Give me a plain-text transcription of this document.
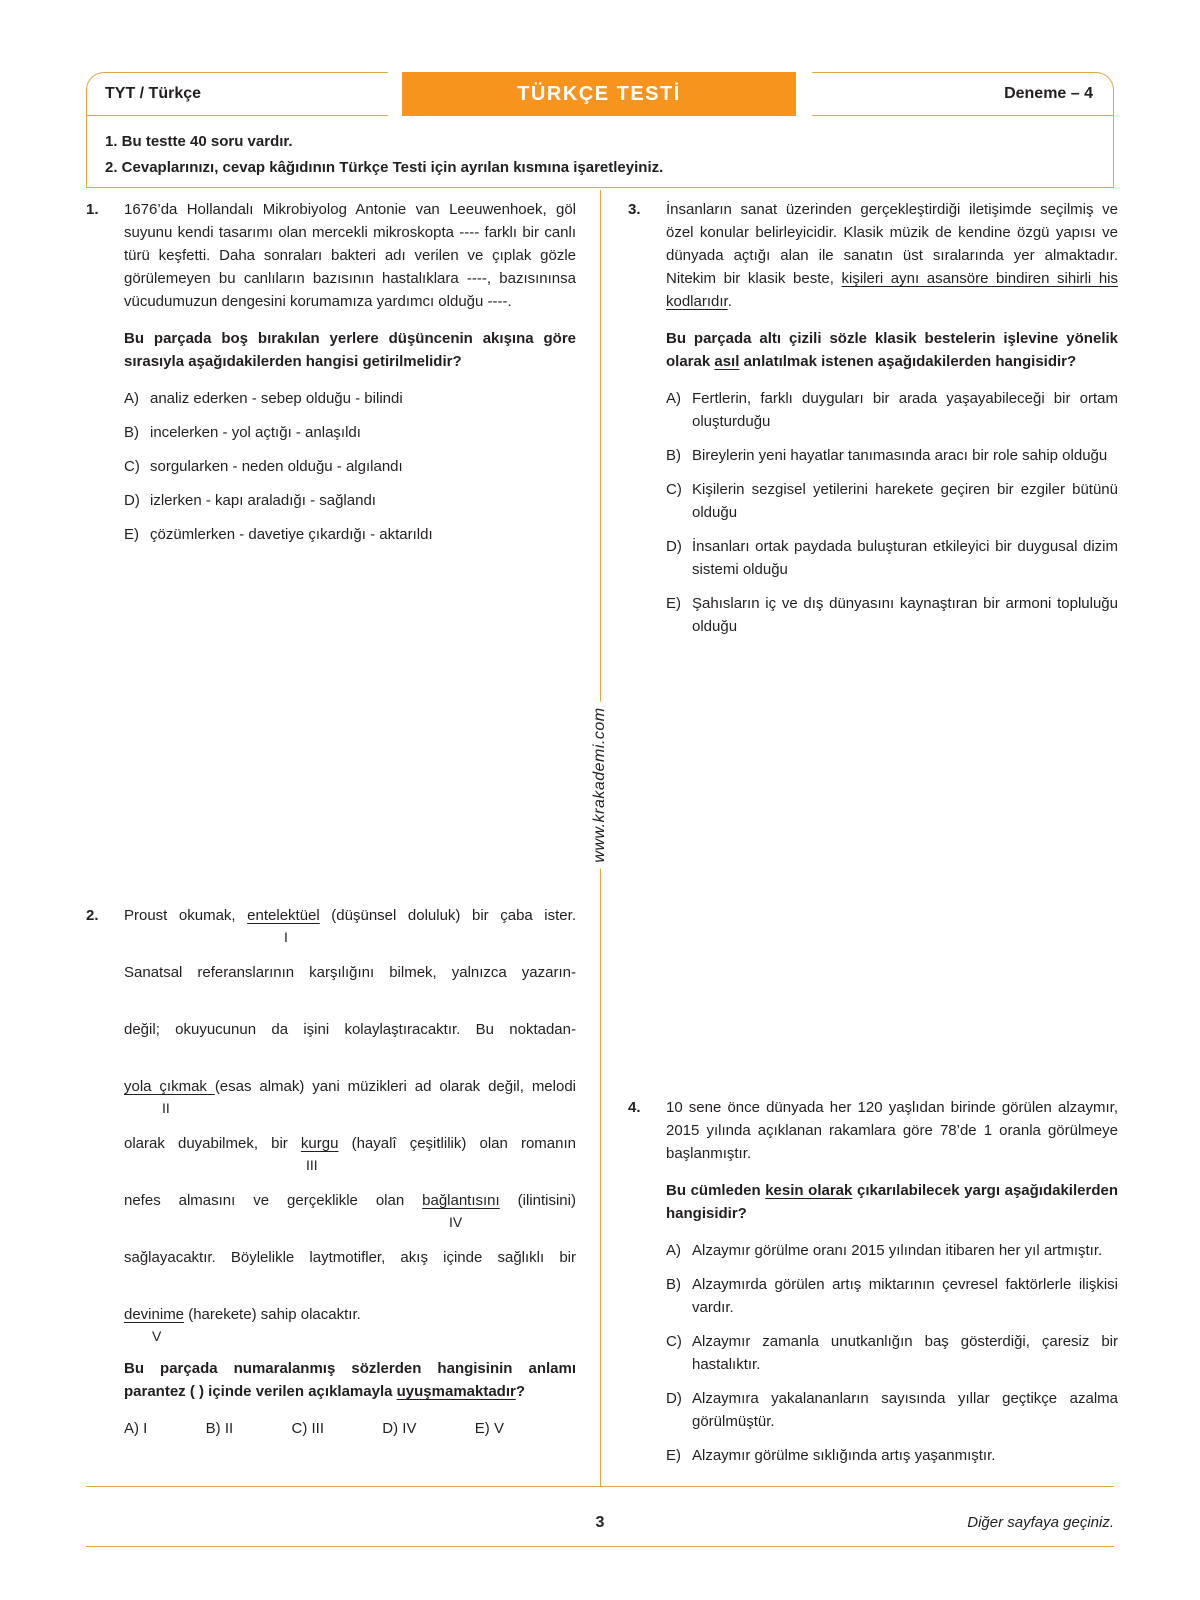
TYT / Türkçe	TÜRKÇE TESTİ	Deneme – 4
1. Bu testte 40 soru vardır.
2. Cevaplarınızı, cevap kâğıdının Türkçe Testi için ayrılan kısmına işaretleyiniz.
www.krakademi.com
1. 1676’da Hollandalı Mikrobiyolog Antonie van Leeuwenhoek, göl suyunu kendi tasarımı olan mercekli mikroskopta ---- farklı bir canlı türü keşfetti. Daha sonraları bakteri adı verilen ve çıplak gözle görülemeyen bu canlıların bazısının hastalıklara ----, bazısınınsa vücudumuzun dengesini korumamıza yardımcı olduğu ----.

Bu parçada boş bırakılan yerlere düşüncenin akışına göre sırasıyla aşağıdakilerden hangisi getirilmelidir?

A) analiz ederken - sebep olduğu - bilindi
B) incelerken - yol açtığı - anlaşıldı
C) sorgularken - neden olduğu - algılandı
D) izlerken - kapı araladığı - sağlandı
E) çözümlerken - davetiye çıkardığı - aktarıldı
2. Proust okumak, entelektüel (düşünsel doluluk) bir çaba ister.
I
Sanatsal referanslarının karşılığını bilmek, yalnızca yazarın-
değil; okuyucunun da işini kolaylaştıracaktır. Bu noktadan-
yola çıkmak (esas almak) yani müzikleri ad olarak değil, melodi
II
olarak duyabilmek, bir kurgu (hayalî çeşitlilik) olan romanın
III
nefes almasını ve gerçeklikle olan bağlantısını (ilintisini)
IV
sağlayacaktır. Böylelikle laytmotifler, akış içinde sağlıklı bir
devinime (harekete) sahip olacaktır.
V

Bu parçada numaralanmış sözlerden hangisinin anlamı parantez ( ) içinde verilen açıklamayla uyuşmamaktadır?

A) I	B) II	C) III	D) IV	E) V
3. İnsanların sanat üzerinden gerçekleştirdiği iletişimde seçilmiş ve özel konular belirleyicidir. Klasik müzik de kendine özgü yapısı ve dünyada açtığı alan ile sanatın üst sıralarında yer almaktadır. Nitekim bir klasik beste, kişileri aynı asansöre bindiren sihirli his kodlarıdır.

Bu parçada altı çizili sözle klasik bestelerin işlevine yönelik olarak asıl anlatılmak istenen aşağıdakilerden hangisidir?

A) Fertlerin, farklı duyguları bir arada yaşayabileceği bir ortam oluşturduğu
B) Bireylerin yeni hayatlar tanımasında aracı bir role sahip olduğu
C) Kişilerin sezgisel yetilerini harekete geçiren bir ezgiler bütünü olduğu
D) İnsanları ortak paydada buluşturan etkileyici bir duygusal dizim sistemi olduğu
E) Şahısların iç ve dış dünyasını kaynaştıran bir armoni topluluğu olduğu
4. 10 sene önce dünyada her 120 yaşlıdan birinde görülen alzaymır, 2015 yılında açıklanan rakamlara göre 78’de 1 oranla görülmeye başlanmıştır.

Bu cümleden kesin olarak çıkarılabilecek yargı aşağıdakilerden hangisidir?

A) Alzaymır görülme oranı 2015 yılından itibaren her yıl artmıştır.
B) Alzaymırda görülen artış miktarının çevresel faktörlerle ilişkisi vardır.
C) Alzaymır zamanla unutkanlığın baş gösterdiği, çaresiz bir hastalıktır.
D) Alzaymıra yakalananların sayısında yıllar geçtikçe azalma görülmüştür.
E) Alzaymır görülme sıklığında artış yaşanmıştır.
3	Diğer sayfaya geçiniz.
